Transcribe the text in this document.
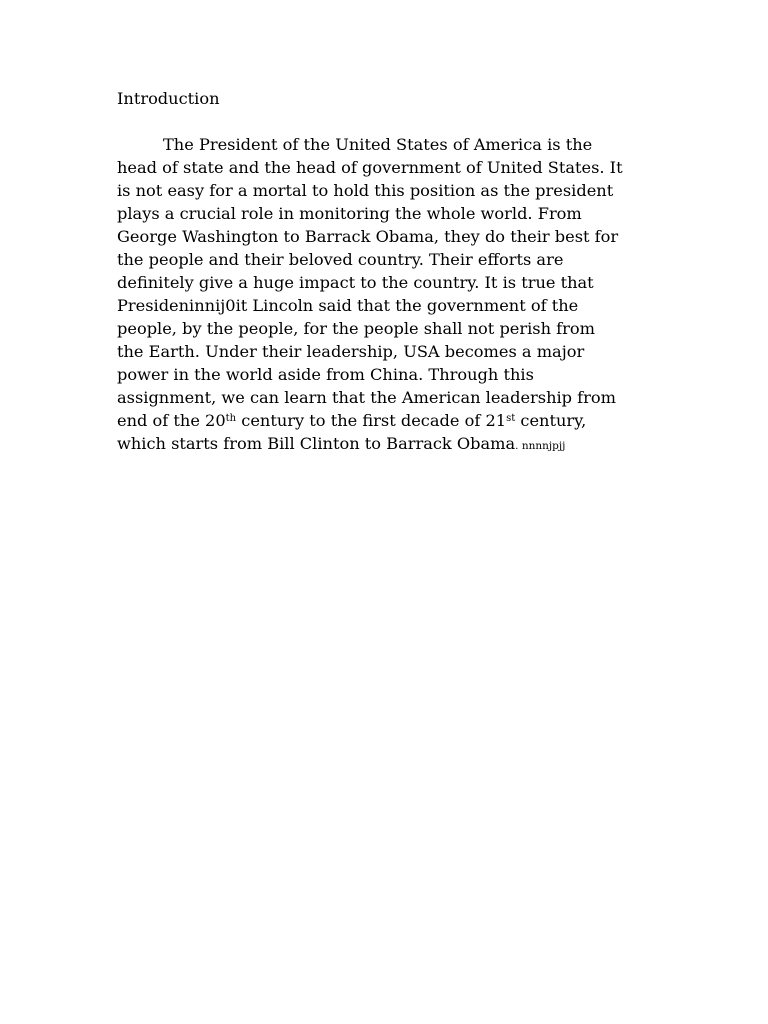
Introduction
The President of the United States of America is the
head of state and the head of government of United States. It
is not easy for a mortal to hold this position as the president
plays a crucial role in monitoring the whole world. From
George Washington to Barrack Obama, they do their best for
the people and their beloved country. Their efforts are
definitely give a huge impact to the country. It is true that
Presideninnij0it Lincoln said that the government of the
people, by the people, for the people shall not perish from
the Earth. Under their leadership, USA becomes a major
power in the world aside from China. Through this
assignment, we can learn that the American leadership from
end of the 20th century to the first decade of 21st century,
which starts from Bill Clinton to Barrack Obama. nnnnjpjj
